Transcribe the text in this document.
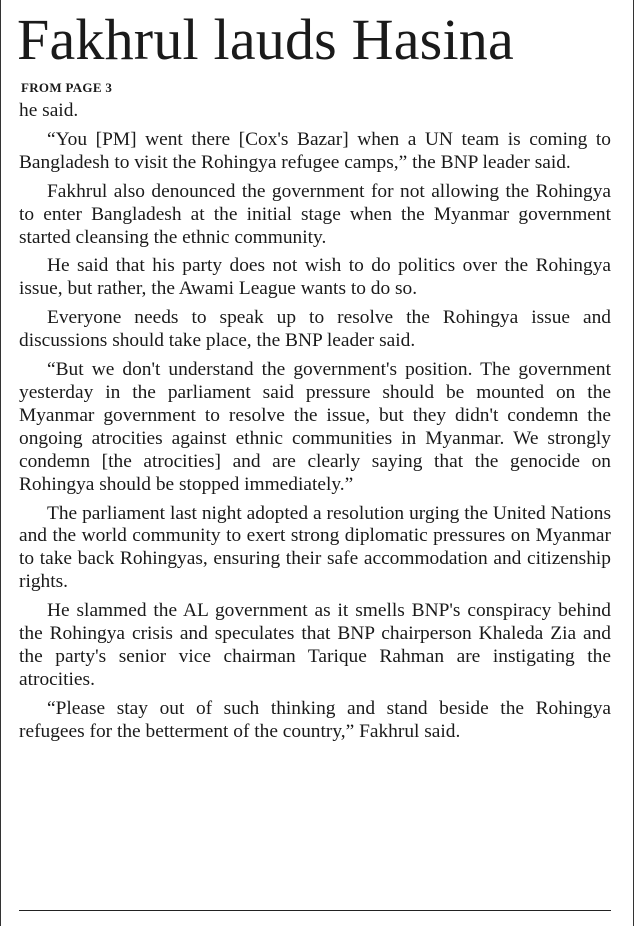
Fakhrul lauds Hasina
FROM PAGE 3

he said.

“You [PM] went there [Cox's Bazar] when a UN team is coming to Bangladesh to visit the Rohingya refugee camps,” the BNP leader said.

Fakhrul also denounced the government for not allowing the Rohingya to enter Bangladesh at the initial stage when the Myanmar government started cleansing the ethnic community.

He said that his party does not wish to do politics over the Rohingya issue, but rather, the Awami League wants to do so.

Everyone needs to speak up to resolve the Rohingya issue and discussions should take place, the BNP leader said.

“But we don't understand the government's position. The government yesterday in the parliament said pressure should be mounted on the Myanmar government to resolve the issue, but they didn't condemn the ongoing atrocities against ethnic communities in Myanmar. We strongly condemn [the atrocities] and are clearly saying that the genocide on Rohingya should be stopped immediately.”

The parliament last night adopted a resolution urging the United Nations and the world community to exert strong diplomatic pressures on Myanmar to take back Rohingyas, ensuring their safe accommodation and citizenship rights.

He slammed the AL government as it smells BNP's conspiracy behind the Rohingya crisis and speculates that BNP chairperson Khaleda Zia and the party's senior vice chairman Tarique Rahman are instigating the atrocities.

“Please stay out of such thinking and stand beside the Rohingya refugees for the betterment of the country,” Fakhrul said.
